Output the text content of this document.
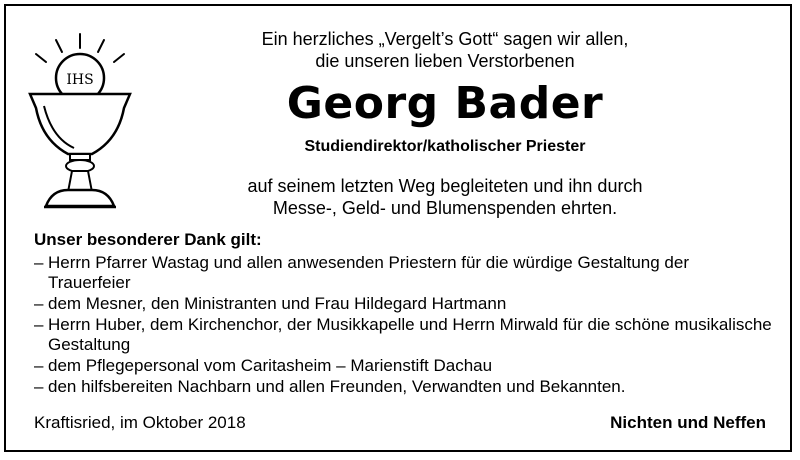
IHS
Ein herzliches „Vergelt’s Gott“ sagen wir allen,
die unseren lieben Verstorbenen
Georg Bader
Studiendirektor/katholischer Priester
auf seinem letzten Weg begleiteten und ihn durch
Messe-, Geld- und Blumenspenden ehrten.
Unser besonderer Dank gilt:
– Herrn Pfarrer Wastag und allen anwesenden Priestern für die würdige Gestaltung der Trauerfeier
– dem Mesner, den Ministranten und Frau Hildegard Hartmann
– Herrn Huber, dem Kirchenchor, der Musikkapelle und Herrn Mirwald für die schöne musikalische Gestaltung
– dem Pflegepersonal vom Caritasheim – Marienstift Dachau
– den hilfsbereiten Nachbarn und allen Freunden, Verwandten und Bekannten.
Kraftisried, im Oktober 2018	Nichten und Neffen
